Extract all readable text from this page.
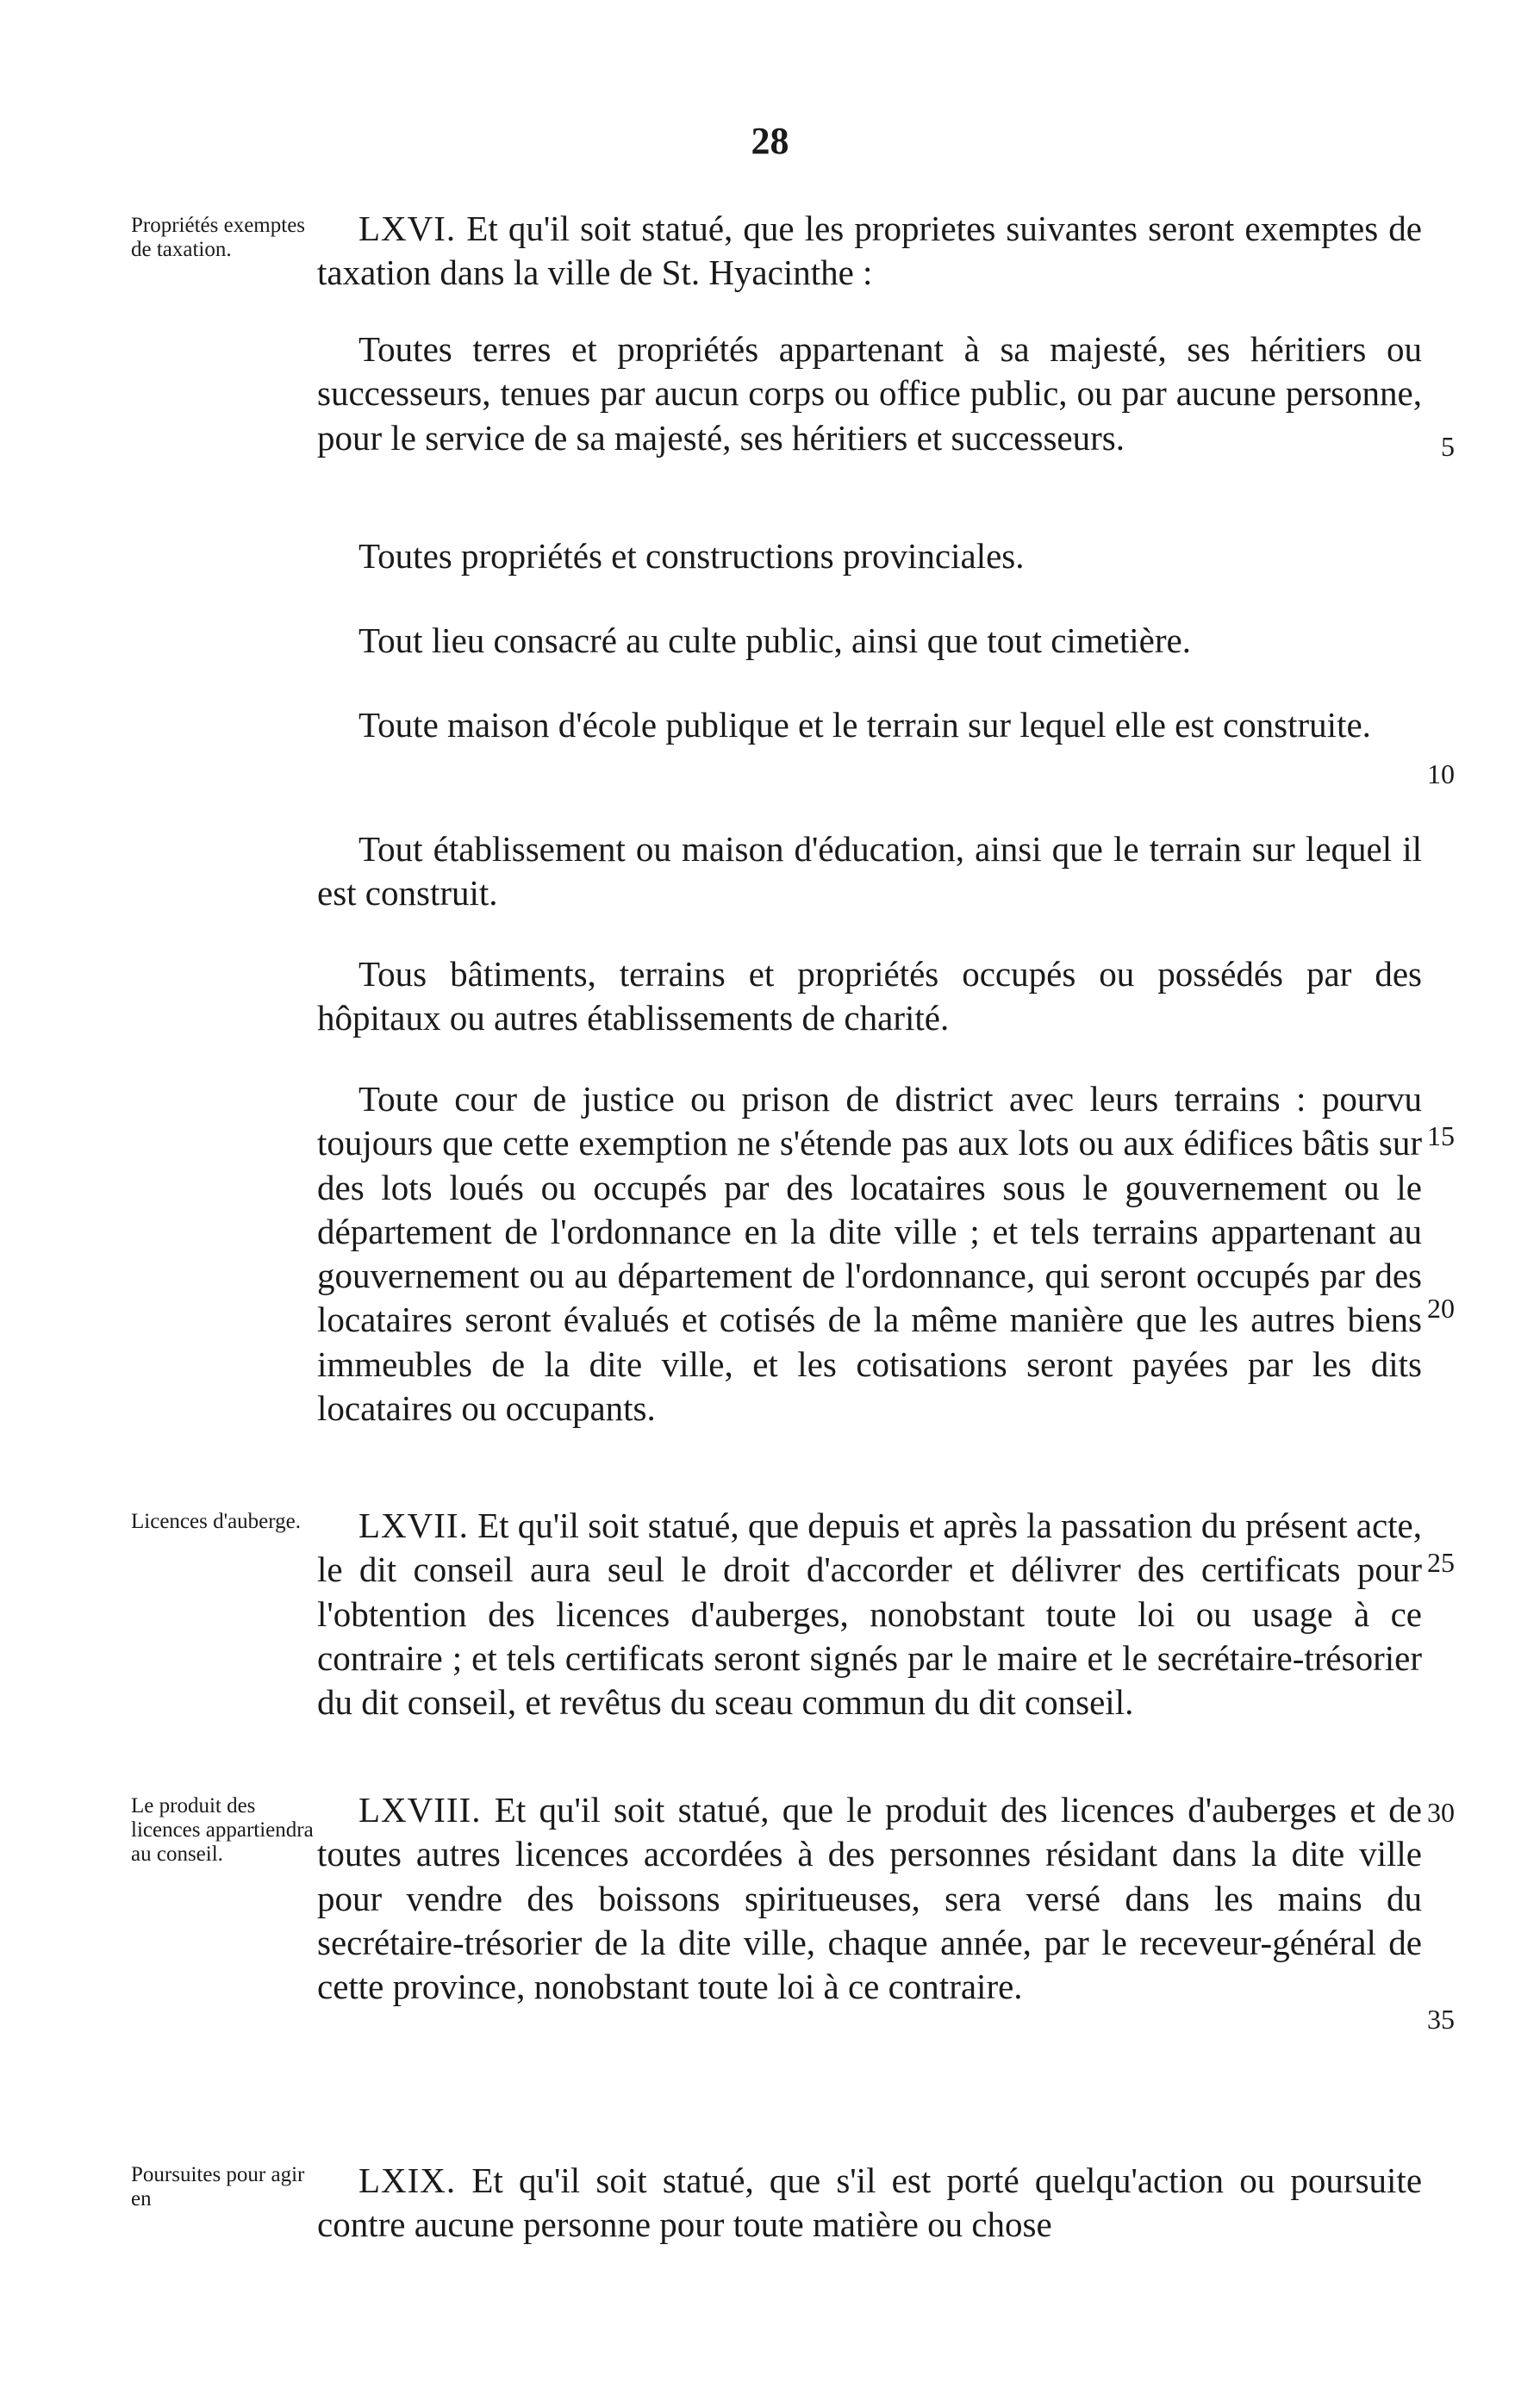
28
Propriétés exemptes de taxation.
Licences d'auberge.
Le produit des licences appartiendra au conseil.
Poursuites pour agir en
5
10
15
20
25
30
35

LXVI. Et qu'il soit statué, que les proprietes suivantes seront exemptes de taxation dans la ville de St. Hyacinthe :

Toutes terres et propriétés appartenant à sa majesté, ses héritiers ou successeurs, tenues par aucun corps ou office public, ou par aucune personne, pour le service de sa majesté, ses héritiers et successeurs.

Toutes propriétés et constructions provinciales.

Tout lieu consacré au culte public, ainsi que tout cimetière.

Toute maison d'école publique et le terrain sur lequel elle est construite.

Tout établissement ou maison d'éducation, ainsi que le terrain sur lequel il est construit.

Tous bâtiments, terrains et propriétés occupés ou possédés par des hôpitaux ou autres établissements de charité.

Toute cour de justice ou prison de district avec leurs terrains : pourvu toujours que cette exemption ne s'étende pas aux lots ou aux édifices bâtis sur des lots loués ou occupés par des locataires sous le gouvernement ou le département de l'ordonnance en la dite ville ; et tels terrains appartenant au gouvernement ou au département de l'ordonnance, qui seront occupés par des locataires seront évalués et cotisés de la même manière que les autres biens immeubles de la dite ville, et les cotisations seront payées par les dits locataires ou occupants.

LXVII. Et qu'il soit statué, que depuis et après la passation du présent acte, le dit conseil aura seul le droit d'accorder et délivrer des certificats pour l'obtention des licences d'auberges, nonobstant toute loi ou usage à ce contraire ; et tels certificats seront signés par le maire et le secrétaire-trésorier du dit conseil, et revêtus du sceau commun du dit conseil.

LXVIII. Et qu'il soit statué, que le produit des licences d'auberges et de toutes autres licences accordées à des personnes résidant dans la dite ville pour vendre des boissons spiritueuses, sera versé dans les mains du secrétaire-trésorier de la dite ville, chaque année, par le receveur-général de cette province, nonobstant toute loi à ce contraire.

LXIX. Et qu'il soit statué, que s'il est porté quelqu'action ou poursuite contre aucune personne pour toute matière ou chose
